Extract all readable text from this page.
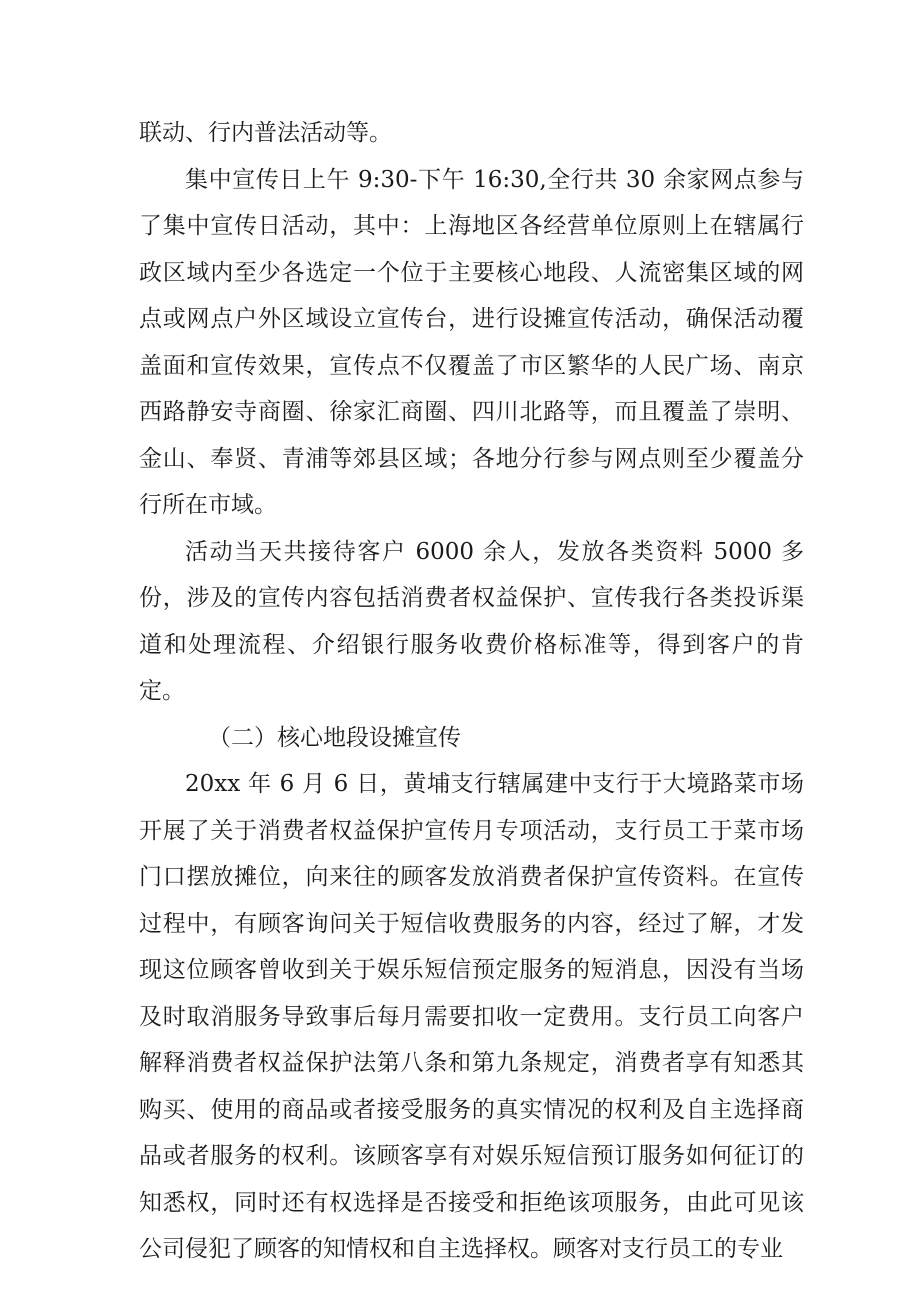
联动、行内普法活动等。

集中宣传日上午 9:30-下午 16:30,全行共 30 余家网点参与了集中宣传日活动，其中：上海地区各经营单位原则上在辖属行政区域内至少各选定一个位于主要核心地段、人流密集区域的网点或网点户外区域设立宣传台，进行设摊宣传活动，确保活动覆盖面和宣传效果，宣传点不仅覆盖了市区繁华的人民广场、南京西路静安寺商圈、徐家汇商圈、四川北路等，而且覆盖了崇明、金山、奉贤、青浦等郊县区域；各地分行参与网点则至少覆盖分行所在市域。

活动当天共接待客户 6000 余人，发放各类资料 5000 多份，涉及的宣传内容包括消费者权益保护、宣传我行各类投诉渠道和处理流程、介绍银行服务收费价格标准等，得到客户的肯定。

（二）核心地段设摊宣传

20xx 年 6 月 6 日，黄埔支行辖属建中支行于大境路菜市场开展了关于消费者权益保护宣传月专项活动，支行员工于菜市场门口摆放摊位，向来往的顾客发放消费者保护宣传资料。在宣传过程中，有顾客询问关于短信收费服务的内容，经过了解，才发现这位顾客曾收到关于娱乐短信预定服务的短消息，因没有当场及时取消服务导致事后每月需要扣收一定费用。支行员工向客户解释消费者权益保护法第八条和第九条规定，消费者享有知悉其购买、使用的商品或者接受服务的真实情况的权利及自主选择商品或者服务的权利。该顾客享有对娱乐短信预订服务如何征订的知悉权，同时还有权选择是否接受和拒绝该项服务，由此可见该公司侵犯了顾客的知情权和自主选择权。顾客对支行员工的专业
